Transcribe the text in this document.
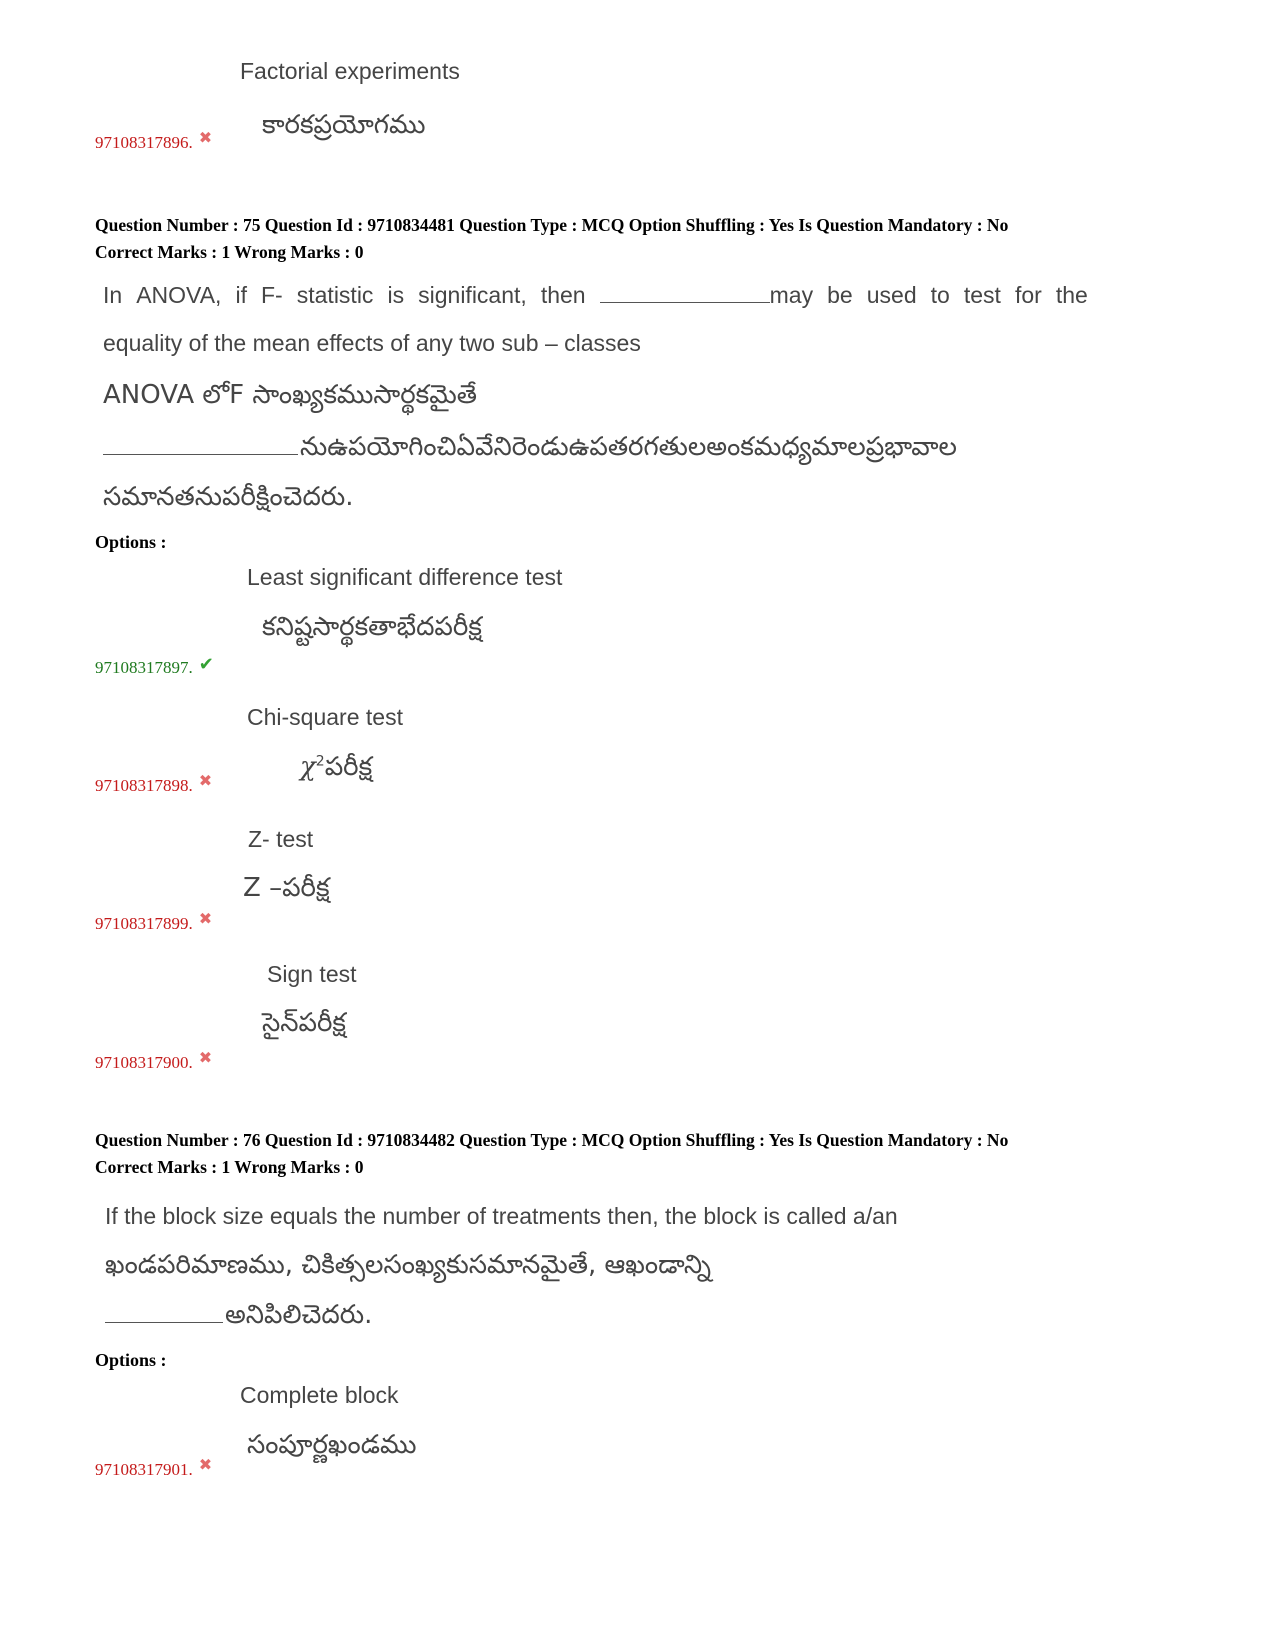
Factorial experiments
కారకప్రయోగము
97108317896. ✖
Question Number : 75 Question Id : 9710834481 Question Type : MCQ Option Shuffling : Yes Is Question Mandatory : No
Correct Marks : 1 Wrong Marks : 0
In ANOVA, if F- statistic is significant, then	may be used to test for the
equality of the mean effects of any two sub – classes
ANOVA లోF సాంఖ్యకముసార్థకమైతే
నుఉపయోగించిఏవేనిరెండుఉపతరగతులఅంకమధ్యమాలప్రభావాల
సమానతనుపరీక్షించెదరు.
Options :
Least significant difference test
కనిష్టసార్థకతాభేదపరీక్ష
97108317897. ✔
Chi-square test
$\chi^2పరీక్ష$
97108317898. ✖
Z- test
Z –పరీక్ష
97108317899. ✖
Sign test
సైన్‌పరీక్ష
97108317900. ✖
Question Number : 76 Question Id : 9710834482 Question Type : MCQ Option Shuffling : Yes Is Question Mandatory : No
Correct Marks : 1 Wrong Marks : 0
If the block size equals the number of treatments then, the block is called a/an
ఖండపరిమాణము, చికిత్సలసంఖ్యకుసమానమైతే, ఆఖండాన్ని
అనిపిలిచెదరు.
Options :
Complete block
సంపూర్ణఖండము
97108317901. ✖
